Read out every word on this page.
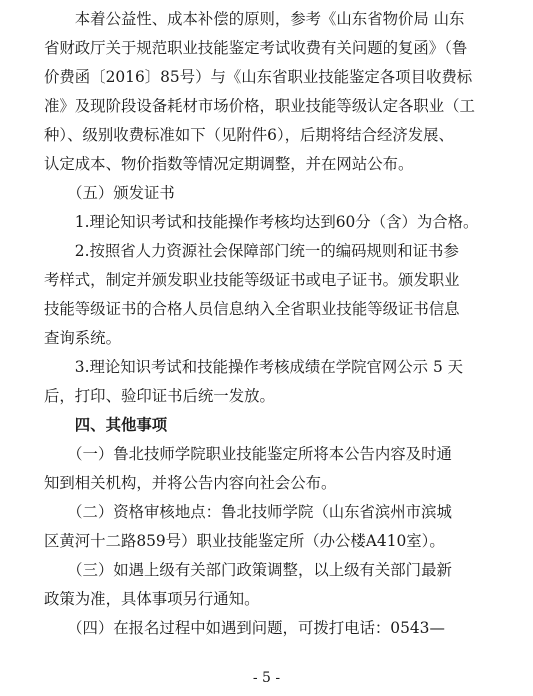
　　本着公益性、成本补偿的原则，参考《山东省物价局 山东
省财政厅关于规范职业技能鉴定考试收费有关问题的复函》（鲁
价费函〔2016〕85号）与《山东省职业技能鉴定各项目收费标
准》及现阶段设备耗材市场价格，职业技能等级认定各职业（工
种）、级别收费标准如下（见附件6），后期将结合经济发展、
认定成本、物价指数等情况定期调整，并在网站公布。
　　（五）颁发证书
　　1.理论知识考试和技能操作考核均达到60分（含）为合格。
　　2.按照省人力资源社会保障部门统一的编码规则和证书参
考样式，制定并颁发职业技能等级证书或电子证书。颁发职业
技能等级证书的合格人员信息纳入全省职业技能等级证书信息
查询系统。
　　3.理论知识考试和技能操作考核成绩在学院官网公示 5 天
后，打印、验印证书后统一发放。
　　四、其他事项
　　（一）鲁北技师学院职业技能鉴定所将本公告内容及时通
知到相关机构，并将公告内容向社会公布。
　　（二）资格审核地点：鲁北技师学院（山东省滨州市滨城
区黄河十二路859号）职业技能鉴定所（办公楼A410室）。
　　（三）如遇上级有关部门政策调整，以上级有关部门最新
政策为准，具体事项另行通知。
　　（四）在报名过程中如遇到问题，可拨打电话：0543—
- 5 -
